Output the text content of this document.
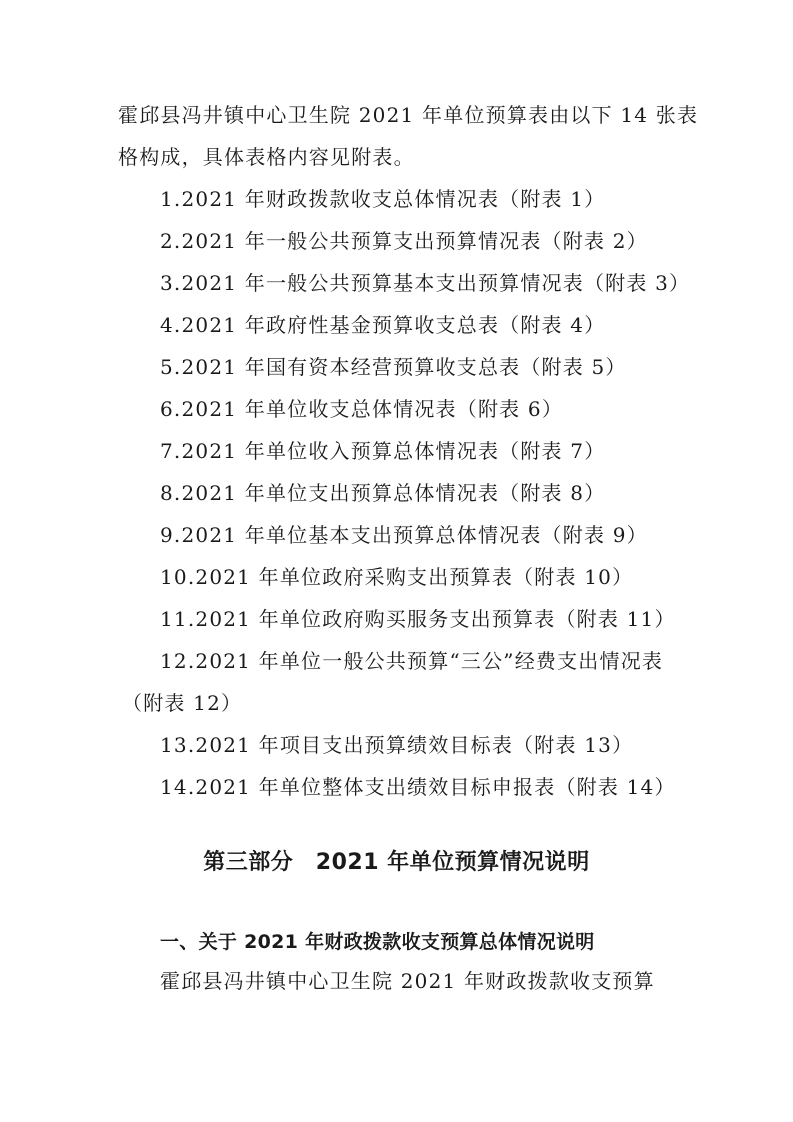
霍邱县冯井镇中心卫生院 2021 年单位预算表由以下 14 张表
格构成，具体表格内容见附表。
1.2021 年财政拨款收支总体情况表（附表 1）
2.2021 年一般公共预算支出预算情况表（附表 2）
3.2021 年一般公共预算基本支出预算情况表（附表 3）
4.2021 年政府性基金预算收支总表（附表 4）
5.2021 年国有资本经营预算收支总表（附表 5）
6.2021 年单位收支总体情况表（附表 6）
7.2021 年单位收入预算总体情况表（附表 7）
8.2021 年单位支出预算总体情况表（附表 8）
9.2021 年单位基本支出预算总体情况表（附表 9）
10.2021 年单位政府采购支出预算表（附表 10）
11.2021 年单位政府购买服务支出预算表（附表 11）
12.2021 年单位一般公共预算“三公”经费支出情况表
（附表 12）
13.2021 年项目支出预算绩效目标表（附表 13）
14.2021 年单位整体支出绩效目标申报表（附表 14）
第三部分　2021 年单位预算情况说明
一、关于 2021 年财政拨款收支预算总体情况说明
霍邱县冯井镇中心卫生院 2021 年财政拨款收支预算
